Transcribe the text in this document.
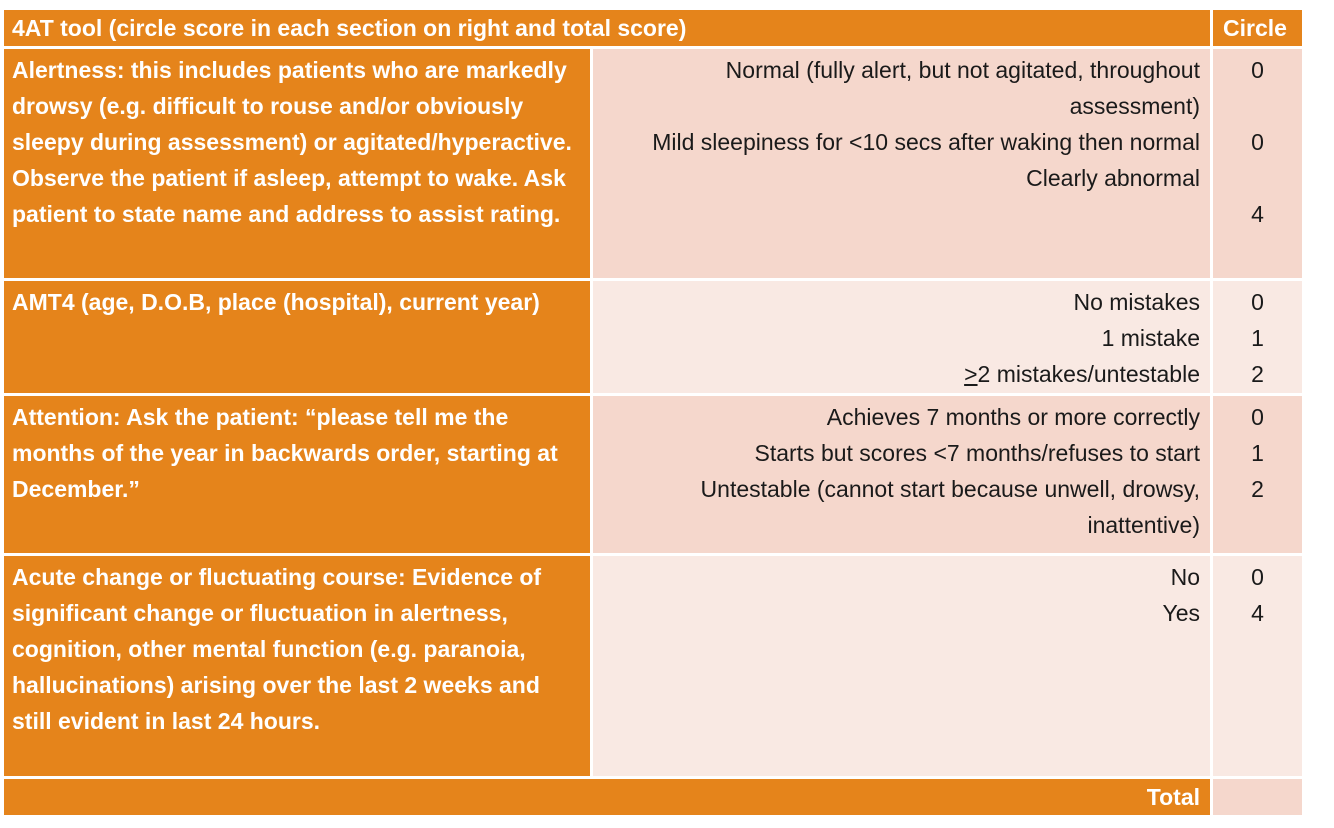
4AT tool (circle score in each section on right and total score)	Circle
Alertness: this includes patients who are markedly drowsy (e.g. difficult to rouse and/or obviously sleepy during assessment) or agitated/hyperactive. Observe the patient if asleep, attempt to wake. Ask patient to state name and address to assist rating.
Normal (fully alert, but not agitated, throughout assessment)
Mild sleepiness for <10 secs after waking then normal
Clearly abnormal
0
0
4
AMT4 (age, D.O.B, place (hospital), current year)	No mistakes
1 mistake
≥2 mistakes/untestable
0
1
2
Attention: Ask the patient: “please tell me the months of the year in backwards order, starting at December.”
Achieves 7 months or more correctly
Starts but scores <7 months/refuses to start
Untestable (cannot start because unwell, drowsy, inattentive)
0
1
2
Acute change or fluctuating course: Evidence of significant change or fluctuation in alertness, cognition, other mental function (e.g. paranoia, hallucinations) arising over the last 2 weeks and still evident in last 24 hours.
No
Yes
0
4
Total
